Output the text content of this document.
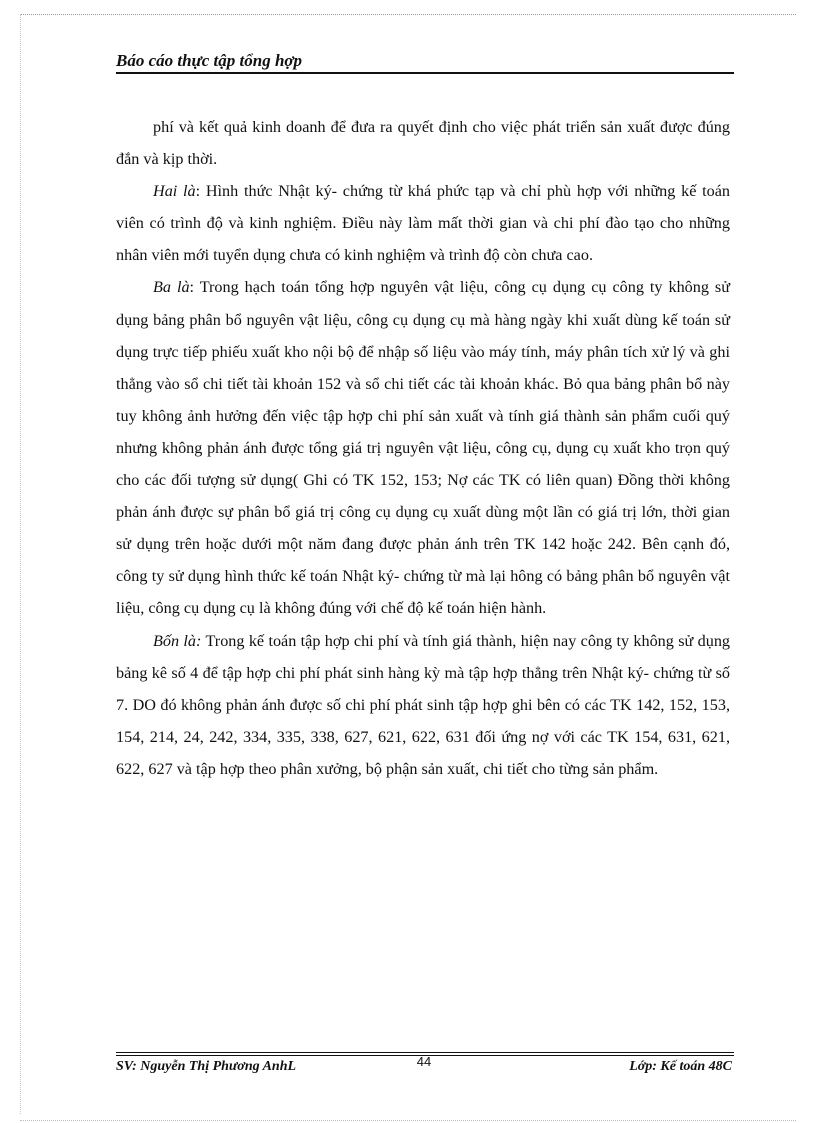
Báo cáo thực tập tổng hợp

phí và kết quả kinh doanh để đưa ra quyết định cho việc phát triển sản xuất được đúng đắn và kịp thời.

Hai là: Hình thức Nhật ký- chứng từ khá phức tạp và chỉ phù hợp với những kế toán viên có trình độ và kinh nghiệm. Điều này làm mất thời gian và chi phí đào tạo cho những nhân viên mới tuyển dụng chưa có kinh nghiệm và trình độ còn chưa cao.

Ba là: Trong hạch toán tổng hợp nguyên vật liệu, công cụ dụng cụ công ty không sử dụng bảng phân bổ nguyên vật liệu, công cụ dụng cụ mà hàng ngày khi xuất dùng kế toán sử dụng trực tiếp phiếu xuất kho nội bộ để nhập số liệu vào máy tính, máy phân tích xử lý và ghi thẳng vào sổ chi tiết tài khoản 152 và sổ chi tiết các tài khoản khác. Bỏ qua bảng phân bổ này tuy không ảnh hưởng đến việc tập hợp chi phí sản xuất và tính giá thành sản phẩm cuối quý nhưng không phản ánh được tổng giá trị nguyên vật liệu, công cụ, dụng cụ xuất kho trọn quý cho các đối tượng sử dụng( Ghi có TK 152, 153; Nợ các TK có liên quan) Đồng thời không phản ánh được sự phân bổ giá trị công cụ dụng cụ xuất dùng một lần có giá trị lớn, thời gian sử dụng trên hoặc dưới một năm đang được phản ánh trên TK 142 hoặc 242. Bên cạnh đó, công ty sử dụng hình thức kế toán Nhật ký- chứng từ mà lại hông có bảng phân bổ nguyên vật liệu, công cụ dụng cụ là không đúng với chế độ kế toán hiện hành.

Bốn là: Trong kế toán tập hợp chi phí và tính giá thành, hiện nay công ty không sử dụng bảng kê số 4 để tập hợp chi phí phát sinh hàng kỳ mà tập hợp thẳng trên Nhật ký- chứng từ số 7. DO đó không phản ánh được số chi phí phát sinh tập hợp ghi bên có các TK 142, 152, 153, 154, 214, 24, 242, 334, 335, 338, 627, 621, 622, 631 đối ứng nợ với các TK 154, 631, 621, 622, 627 và tập hợp theo phân xưởng, bộ phận sản xuất, chi tiết cho từng sản phẩm.

SV: Nguyễn Thị Phương AnhL	44	Lớp: Kế toán 48C
